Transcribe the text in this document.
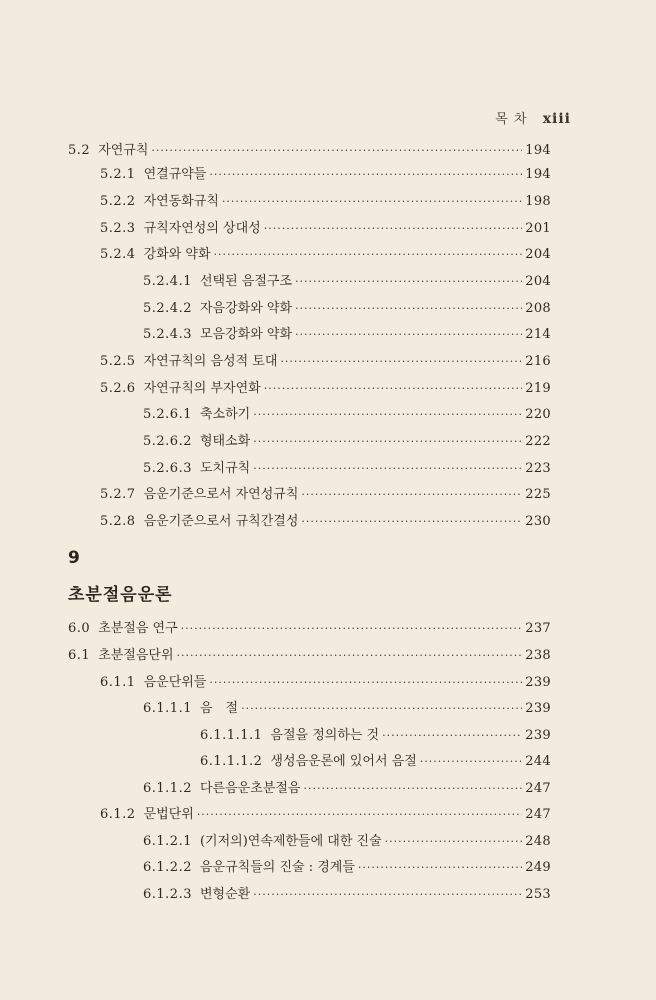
목 차 xiii
5.2 자연규칙 ·····	194
5.2.1 연결규약들 ·····	194
5.2.2 자연동화규칙 ·····	198
5.2.3 규칙자연성의 상대성 ·····	201
5.2.4 강화와 약화 ·····	204
5.2.4.1 선택된 음절구조 ·····	204
5.2.4.2 자음강화와 약화 ·····	208
5.2.4.3 모음강화와 약화 ·····	214
5.2.5 자연규칙의 음성적 토대 ·····	216
5.2.6 자연규칙의 부자연화 ·····	219
5.2.6.1 축소하기 ·····	220
5.2.6.2 형태소화 ·····	222
5.2.6.3 도치규칙 ·····	223
5.2.7 음운기준으로서 자연성규칙 ·····	225
5.2.8 음운기준으로서 규칙간결성 ·····	230
9
초분절음운론
6.0 초분절음 연구 ·····	237
6.1 초분절음단위 ·····	238
6.1.1 음운단위들 ·····	239
6.1.1.1 음　절 ·····	239
6.1.1.1.1 음절을 정의하는 것 ·····	239
6.1.1.1.2 생성음운론에 있어서 음절 ·····	244
6.1.1.2 다른음운초분절음 ·····	247
6.1.2 문법단위 ·····	247
6.1.2.1 (기저의)연속제한들에 대한 진술 ·····	248
6.1.2.2 음운규칙들의 진술 : 경계들 ·····	249
6.1.2.3 변형순환 ·····	253
